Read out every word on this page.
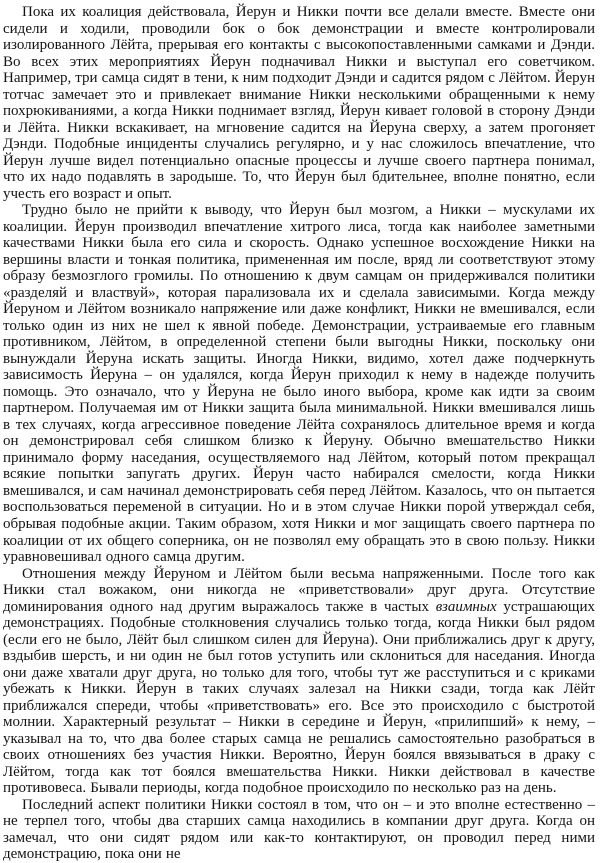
Пока их коалиция действовала, Йерун и Никки почти все делали вместе. Вместе они сидели и ходили, проводили бок о бок демонстрации и вместе контролировали изолированного Лёйта, прерывая его контакты с высокопоставленными самками и Дэнди. Во всех этих мероприятиях Йерун подначивал Никки и выступал его советчиком. Например, три самца сидят в тени, к ним подходит Дэнди и садится рядом с Лёйтом. Йерун тотчас замечает это и привлекает внимание Никки несколькими обращенными к нему похрюкиваниями, а когда Никки поднимает взгляд, Йерун кивает головой в сторону Дэнди и Лёйта. Никки вскакивает, на мгновение садится на Йеруна сверху, а затем прогоняет Дэнди. Подобные инциденты случались регулярно, и у нас сложилось впечатление, что Йерун лучше видел потенциально опасные процессы и лучше своего партнера понимал, что их надо подавлять в зародыше. То, что Йерун был бдительнее, вполне понятно, если учесть его возраст и опыт.

Трудно было не прийти к выводу, что Йерун был мозгом, а Никки – мускулами их коалиции. Йерун производил впечатление хитрого лиса, тогда как наиболее заметными качествами Никки была его сила и скорость. Однако успешное восхождение Никки на вершины власти и тонкая политика, примененная им после, вряд ли соответствуют этому образу безмозглого громилы. По отношению к двум самцам он придерживался политики «разделяй и властвуй», которая парализовала их и сделала зависимыми. Когда между Йеруном и Лёйтом возникало напряжение или даже конфликт, Никки не вмешивался, если только один из них не шел к явной победе. Демонстрации, устраиваемые его главным противником, Лёйтом, в определенной степени были выгодны Никки, поскольку они вынуждали Йеруна искать защиты. Иногда Никки, видимо, хотел даже подчеркнуть зависимость Йеруна – он удалялся, когда Йерун приходил к нему в надежде получить помощь. Это означало, что у Йеруна не было иного выбора, кроме как идти за своим партнером. Получаемая им от Никки защита была минимальной. Никки вмешивался лишь в тех случаях, когда агрессивное поведение Лёйта сохранялось длительное время и когда он демонстрировал себя слишком близко к Йеруну. Обычно вмешательство Никки принимало форму наседания, осуществляемого над Лёйтом, который потом прекращал всякие попытки запугать других. Йерун часто набирался смелости, когда Никки вмешивался, и сам начинал демонстрировать себя перед Лёйтом. Казалось, что он пытается воспользоваться переменой в ситуации. Но и в этом случае Никки порой утверждал себя, обрывая подобные акции. Таким образом, хотя Никки и мог защищать своего партнера по коалиции от их общего соперника, он не позволял ему обращать это в свою пользу. Никки уравновешивал одного самца другим.

Отношения между Йеруном и Лёйтом были весьма напряженными. После того как Никки стал вожаком, они никогда не «приветствовали» друг друга. Отсутствие доминирования одного над другим выражалось также в частых взаимных устрашающих демонстрациях. Подобные столкновения случались только тогда, когда Никки был рядом (если его не было, Лёйт был слишком силен для Йеруна). Они приближались друг к другу, вздыбив шерсть, и ни один не был готов уступить или склониться для наседания. Иногда они даже хватали друг друга, но только для того, чтобы тут же расступиться и с криками убежать к Никки. Йерун в таких случаях залезал на Никки сзади, тогда как Лёйт приближался спереди, чтобы «приветствовать» его. Все это происходило с быстротой молнии. Характерный результат – Никки в середине и Йерун, «прилипший» к нему, – указывал на то, что два более старых самца не решались самостоятельно разобраться в своих отношениях без участия Никки. Вероятно, Йерун боялся ввязываться в драку с Лёйтом, тогда как тот боялся вмешательства Никки. Никки действовал в качестве противовеса. Бывали периоды, когда подобное происходило по несколько раз на день.

Последний аспект политики Никки состоял в том, что он – и это вполне естественно – не терпел того, чтобы два старших самца находились в компании друг друга. Когда он замечал, что они сидят рядом или как-то контактируют, он проводил перед ними демонстрацию, пока они не
